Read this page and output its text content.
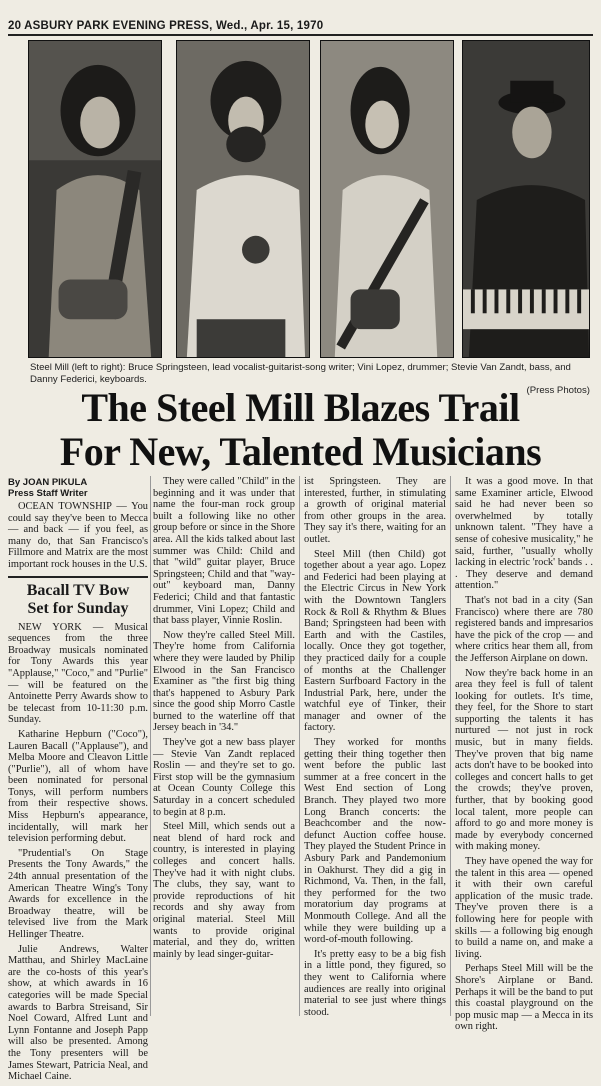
20 ASBURY PARK EVENING PRESS, Wed., Apr. 15, 1970
Steel Mill (left to right): Bruce Springsteen, lead vocalist-guitarist-song writer; Vini Lopez, drummer; Stevie Van Zandt, bass, and Danny Federici, keyboards.
(Press Photos)
The Steel Mill Blazes Trail
For New, Talented Musicians
By JOAN PIKULA
Press Staff Writer

OCEAN TOWNSHIP — You could say they've been to Mecca — and back — if you feel, as many do, that San Francisco's Fillmore and Matrix are the most important rock houses in the U.S.

Bacall TV Bow
Set for Sunday

NEW YORK — Musical sequences from the three Broadway musicals nominated for Tony Awards this year "Applause," "Coco," and "Purlie" — will be featured on the Antoinette Perry Awards show to be telecast from 10-11:30 p.m. Sunday.

Katharine Hepburn ("Coco"), Lauren Bacall ("Applause"), and Melba Moore and Cleavon Little ("Purlie"), all of whom have been nominated for personal Tonys, will perform numbers from their respective shows. Miss Hepburn's appearance, incidentally, will mark her television performing debut.

"Prudential's On Stage Presents the Tony Awards," the 24th annual presentation of the American Theatre Wing's Tony Awards for excellence in the Broadway theatre, will be televised live from the Mark Hellinger Theatre.

Julie Andrews, Walter Matthau, and Shirley MacLaine are the co-hosts of this year's show, at which awards in 16 categories will be made Special awards to Barbra Streisand, Sir Noel Coward, Alfred Lunt and Lynn Fontanne and Joseph Papp will also be presented. Among the Tony presenters will be James Stewart, Patricia Neal, and Michael Caine.

They were called "Child" in the beginning and it was under that name the four-man rock group built a following like no other group before or since in the Shore area. All the kids talked about last summer was Child: Child and that "wild" guitar player, Bruce Springsteen; Child and that "way-out" keyboard man, Danny Federici; Child and that fantastic drummer, Vini Lopez; Child and that bass player, Vinnie Roslin.

Now they're called Steel Mill. They're home from California where they were lauded by Philip Elwood in the San Francisco Examiner as "the first big thing that's happened to Asbury Park since the good ship Morro Castle burned to the waterline off that Jersey beach in '34."

They've got a new bass player — Stevie Van Zandt replaced Roslin — and they're set to go. First stop will be the gymnasium at Ocean County College this Saturday in a concert scheduled to begin at 8 p.m.

Steel Mill, which sends out a neat blend of hard rock and country, is interested in playing colleges and concert halls. They've had it with night clubs. The clubs, they say, want to provide reproductions of hit records and shy away from original material. Steel Mill wants to provide original material, and they do, written mainly by lead singer-guitar-

ist Springsteen. They are interested, further, in stimulating a growth of original material from other groups in the area. They say it's there, waiting for an outlet.

Steel Mill (then Child) got together about a year ago. Lopez and Federici had been playing at the Electric Circus in New York with the Downtown Tanglers Rock & Roll & Rhythm & Blues Band; Springsteen had been with Earth and with the Castiles, locally. Once they got together, they practiced daily for a couple of months at the Challenger Eastern Surfboard Factory in the Industrial Park, here, under the watchful eye of Tinker, their manager and owner of the factory.

They worked for months getting their thing together then went before the public last summer at a free concert in the West End section of Long Branch. They played two more Long Branch concerts: the Beachcomber and the now-defunct Auction coffee house. They played the Student Prince in Asbury Park and Pandemonium in Oakhurst. They did a gig in Richmond, Va. Then, in the fall, they performed for the two moratorium day programs at Monmouth College. And all the while they were building up a word-of-mouth following.

It's pretty easy to be a big fish in a little pond, they figured, so they went to California where audiences are really into original material to see just where things stood.

It was a good move. In that same Examiner article, Elwood said he had never been so overwhelmed by totally unknown talent. "They have a sense of cohesive musicality," he said, further, "usually wholly lacking in electric 'rock' bands . . . They deserve and demand attention."

That's not bad in a city (San Francisco) where there are 780 registered bands and impresarios have the pick of the crop — and where critics hear them all, from the Jefferson Airplane on down.

Now they're back home in an area they feel is full of talent looking for outlets. It's time, they feel, for the Shore to start supporting the talents it has nurtured — not just in rock music, but in many fields. They've proven that big name acts don't have to be booked into colleges and concert halls to get the crowds; they've proven, further, that by booking good local talent, more people can afford to go and more money is made by everybody concerned with making money.

They have opened the way for the talent in this area — opened it with their own careful application of the music trade. They've proven there is a following here for people with skills — a following big enough to build a name on, and make a living.

Perhaps Steel Mill will be the Shore's Airplane or Band. Perhaps it will be the band to put this coastal playground on the pop music map — a Mecca in its own right.
